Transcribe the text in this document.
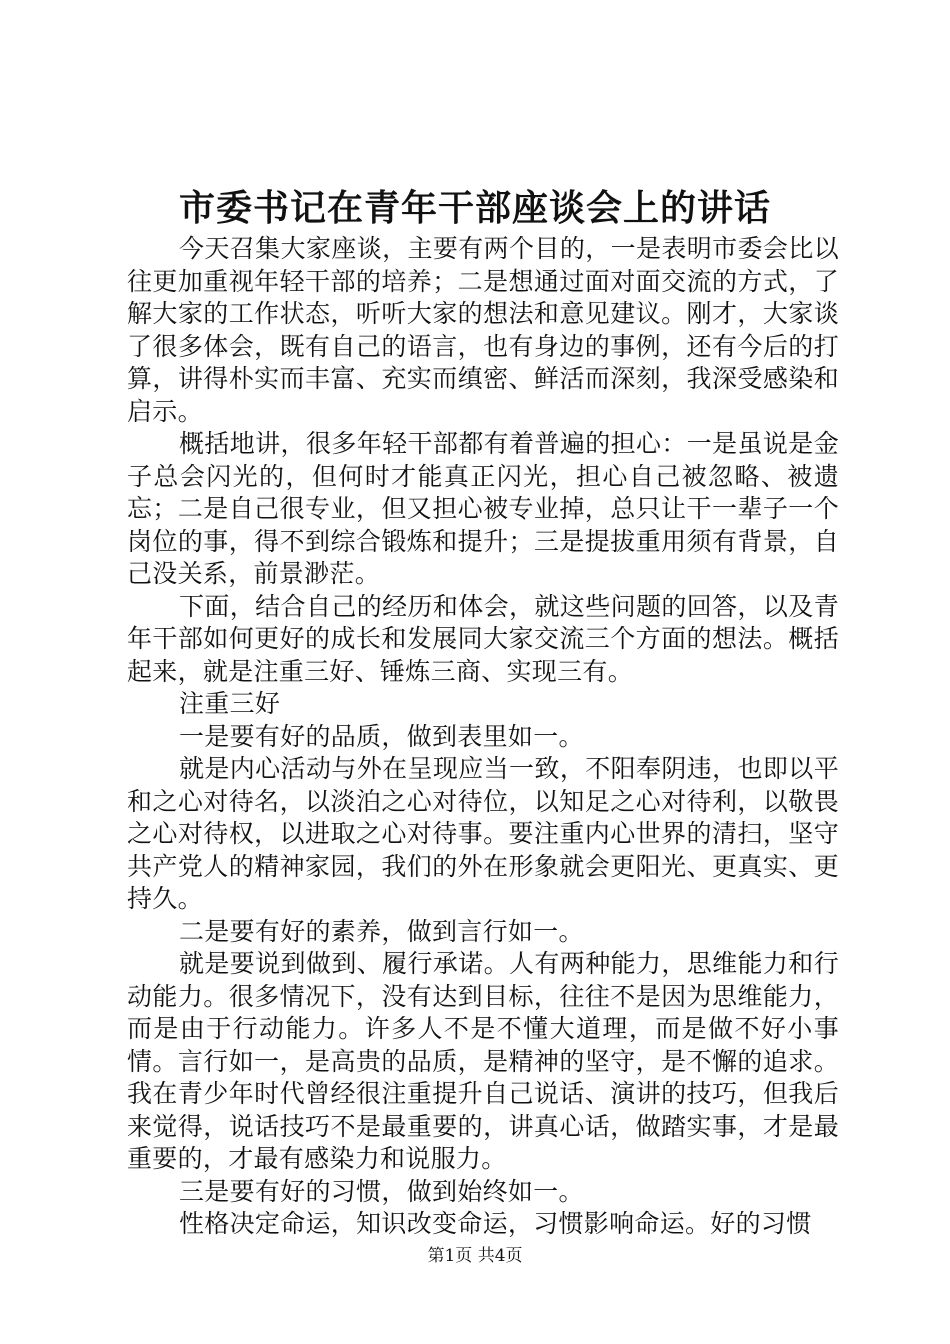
市委书记在青年干部座谈会上的讲话

今天召集大家座谈，主要有两个目的，一是表明市委会比以往更加重视年轻干部的培养；二是想通过面对面交流的方式，了解大家的工作状态，听听大家的想法和意见建议。刚才，大家谈了很多体会，既有自己的语言，也有身边的事例，还有今后的打算，讲得朴实而丰富、充实而缜密、鲜活而深刻，我深受感染和启示。

概括地讲，很多年轻干部都有着普遍的担心：一是虽说是金子总会闪光的，但何时才能真正闪光，担心自己被忽略、被遗忘；二是自己很专业，但又担心被专业掉，总只让干一辈子一个岗位的事，得不到综合锻炼和提升；三是提拔重用须有背景，自己没关系，前景渺茫。

下面，结合自己的经历和体会，就这些问题的回答，以及青年干部如何更好的成长和发展同大家交流三个方面的想法。概括起来，就是注重三好、锤炼三商、实现三有。

注重三好

一是要有好的品质，做到表里如一。

就是内心活动与外在呈现应当一致，不阳奉阴违，也即以平和之心对待名，以淡泊之心对待位，以知足之心对待利，以敬畏之心对待权，以进取之心对待事。要注重内心世界的清扫，坚守共产党人的精神家园，我们的外在形象就会更阳光、更真实、更持久。

二是要有好的素养，做到言行如一。

就是要说到做到、履行承诺。人有两种能力，思维能力和行动能力。很多情况下，没有达到目标，往往不是因为思维能力，而是由于行动能力。许多人不是不懂大道理，而是做不好小事情。言行如一，是高贵的品质，是精神的坚守，是不懈的追求。我在青少年时代曾经很注重提升自己说话、演讲的技巧，但我后来觉得，说话技巧不是最重要的，讲真心话，做踏实事，才是最重要的，才最有感染力和说服力。

三是要有好的习惯，做到始终如一。

性格决定命运，知识改变命运，习惯影响命运。好的习惯

第1页 共4页
